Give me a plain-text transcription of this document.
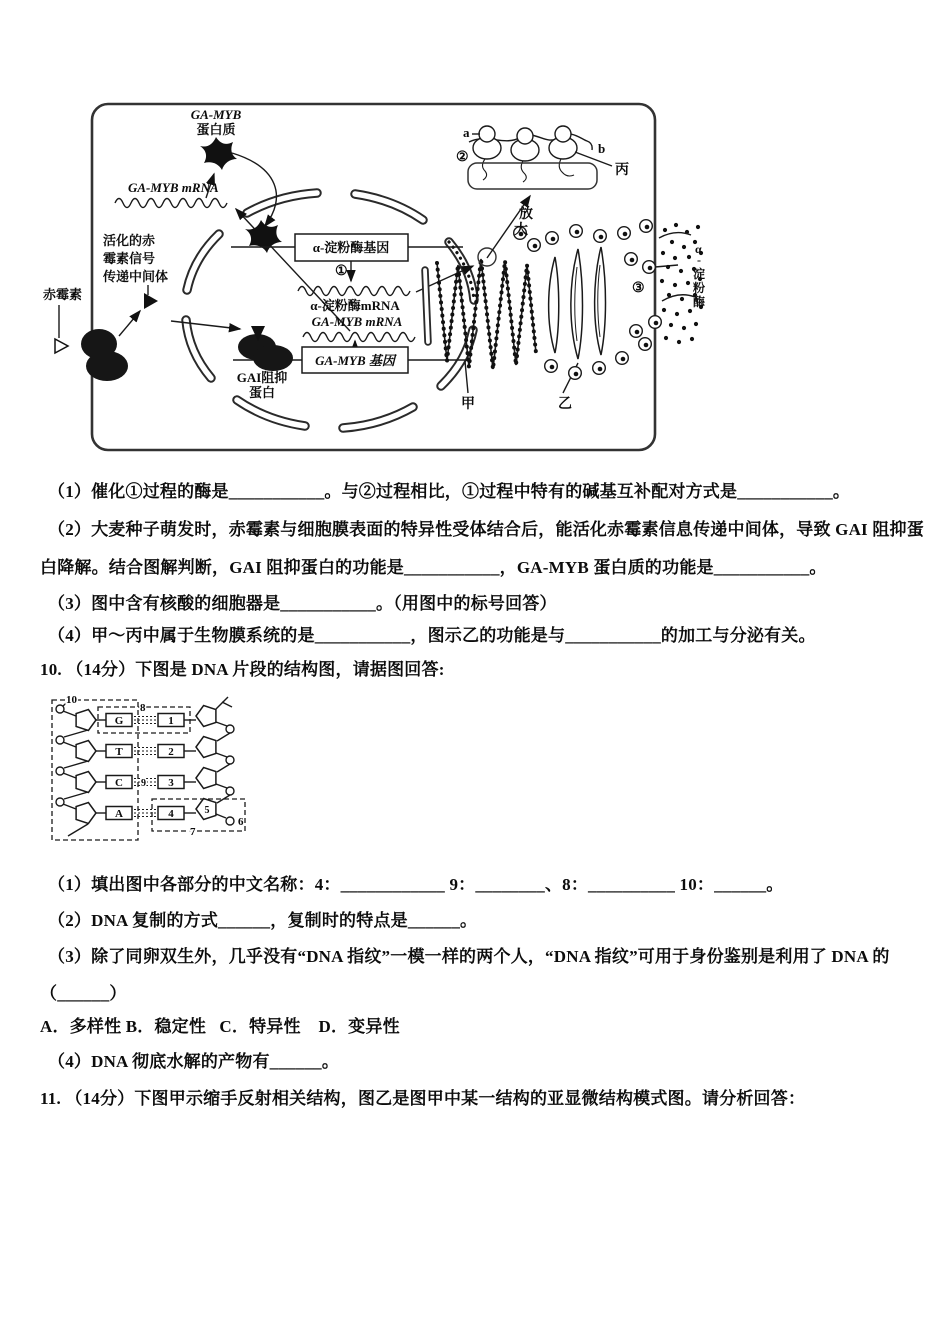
GA-MYB
蛋白质
GA-MYB mRNA
活化的赤
霉素信号
传递中间体
赤霉素
α-淀粉酶基因
①
α-淀粉酶mRNA
GA-MYB mRNA
GA-MYB 基因
GAI阻抑
蛋白
甲	乙
③
α
-
淀
粉
酶
a
b
丙
②
放
大
（1）催化①过程的酶是___________。与②过程相比，①过程中特有的碱基互补配对方式是___________。
（2）大麦种子萌发时，赤霉素与细胞膜表面的特异性受体结合后，能活化赤霉素信息传递中间体，导致 GAI 阻抑蛋
白降解。结合图解判断，GAI 阻抑蛋白的功能是___________，GA-MYB 蛋白质的功能是___________。
（3）图中含有核酸的细胞器是___________。（用图中的标号回答）
（4）甲～丙中属于生物膜系统的是___________，图示乙的功能是与___________的加工与分泌有关。
10. （14分）下图是 DNA 片段的结构图，请据图回答:
G
T
C
A
1
2
3
4
10
8
9
5
6
7
（1）填出图中各部分的中文名称：4：____________ 9：________、8：__________ 10：______。
（2）DNA 复制的方式______，复制时的特点是______。
（3）除了同卵双生外，几乎没有“DNA 指纹”一模一样的两个人，“DNA 指纹”可用于身份鉴别是利用了 DNA 的
（______）
A．多样性 B．稳定性   C．特异性    D．变异性
（4）DNA 彻底水解的产物有______。
11. （14分）下图甲示缩手反射相关结构，图乙是图甲中某一结构的亚显微结构模式图。请分析回答：
